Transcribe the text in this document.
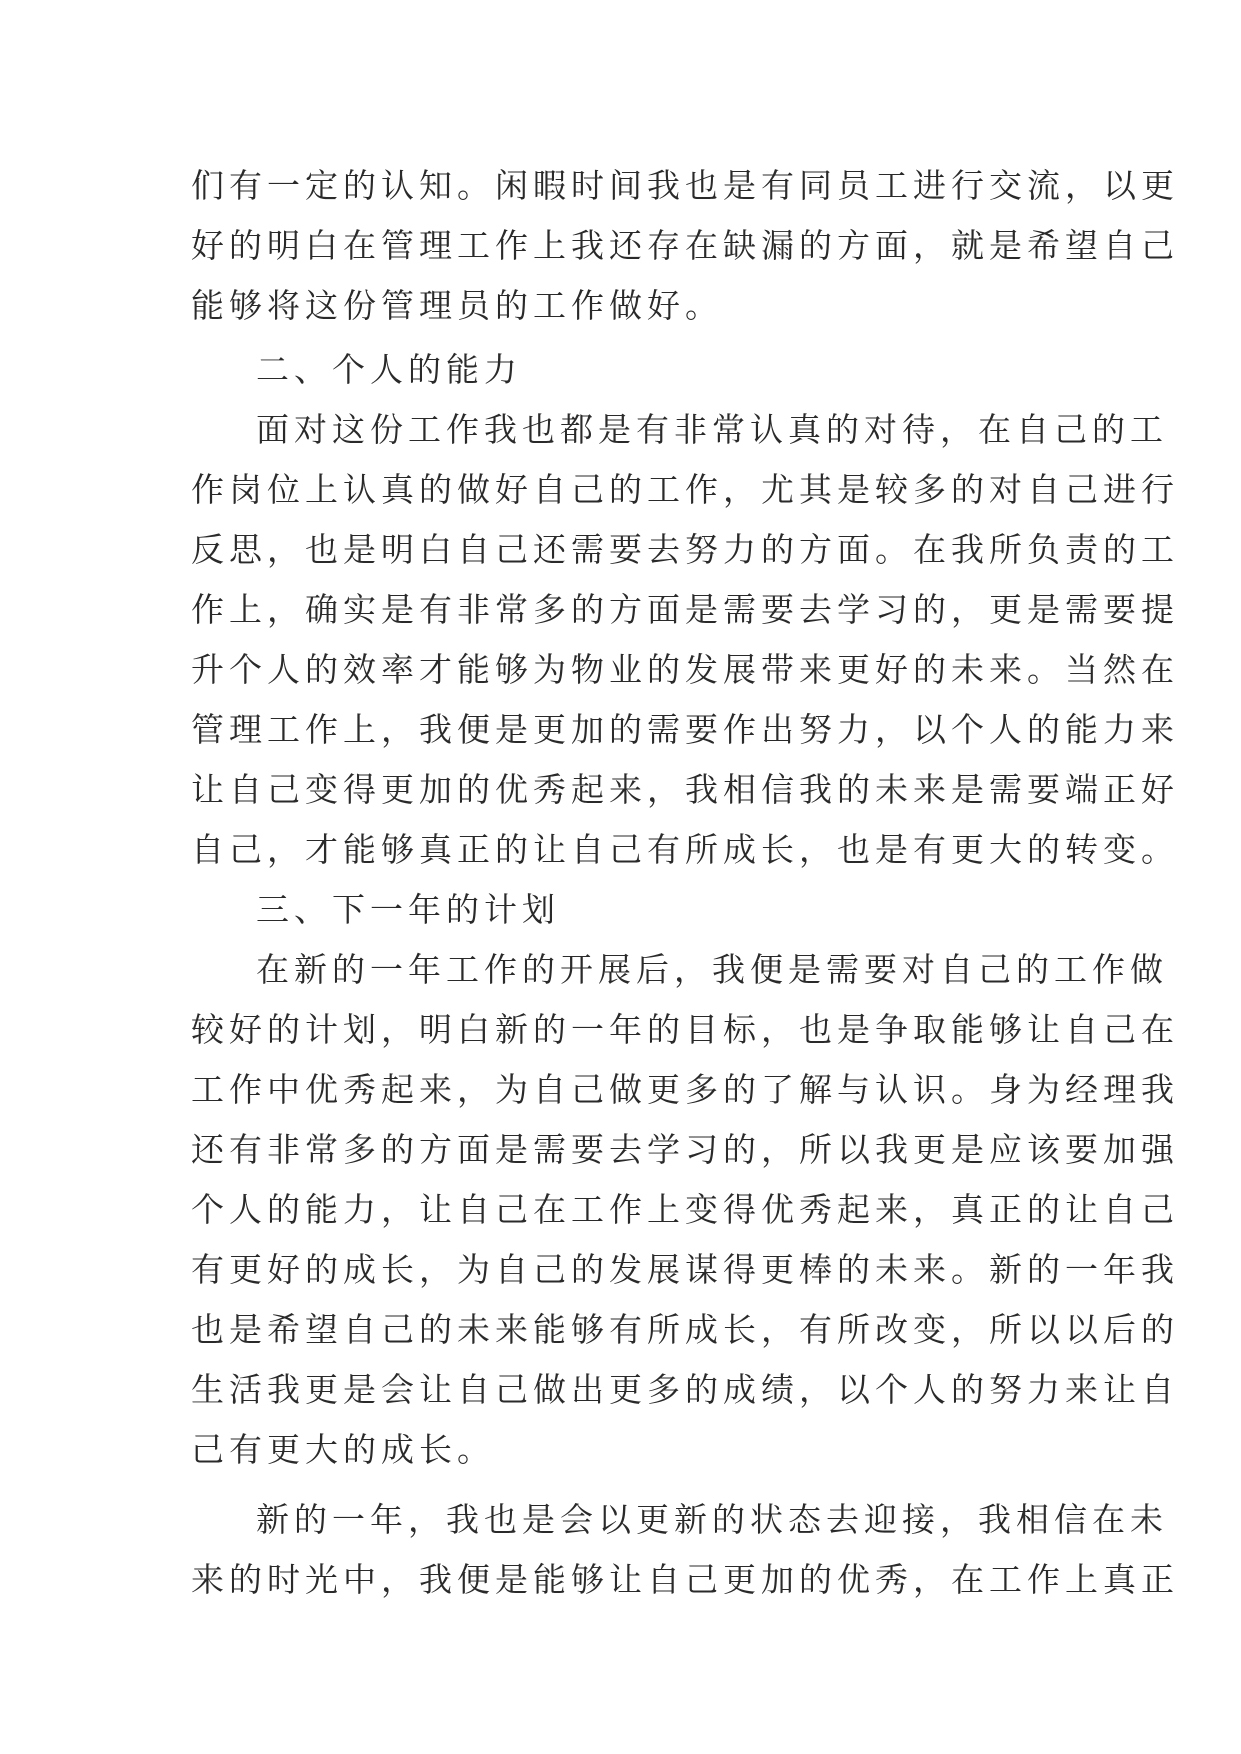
们有一定的认知。闲暇时间我也是有同员工进行交流，以更
好的明白在管理工作上我还存在缺漏的方面，就是希望自己
能够将这份管理员的工作做好。
二、个人的能力
面对这份工作我也都是有非常认真的对待，在自己的工
作岗位上认真的做好自己的工作，尤其是较多的对自己进行
反思，也是明白自己还需要去努力的方面。在我所负责的工
作上，确实是有非常多的方面是需要去学习的，更是需要提
升个人的效率才能够为物业的发展带来更好的未来。当然在
管理工作上，我便是更加的需要作出努力，以个人的能力来
让自己变得更加的优秀起来，我相信我的未来是需要端正好
自己，才能够真正的让自己有所成长，也是有更大的转变。
三、下一年的计划
在新的一年工作的开展后，我便是需要对自己的工作做
较好的计划，明白新的一年的目标，也是争取能够让自己在
工作中优秀起来，为自己做更多的了解与认识。身为经理我
还有非常多的方面是需要去学习的，所以我更是应该要加强
个人的能力，让自己在工作上变得优秀起来，真正的让自己
有更好的成长，为自己的发展谋得更棒的未来。新的一年我
也是希望自己的未来能够有所成长，有所改变，所以以后的
生活我更是会让自己做出更多的成绩，以个人的努力来让自
己有更大的成长。
新的一年，我也是会以更新的状态去迎接，我相信在未
来的时光中，我便是能够让自己更加的优秀，在工作上真正
